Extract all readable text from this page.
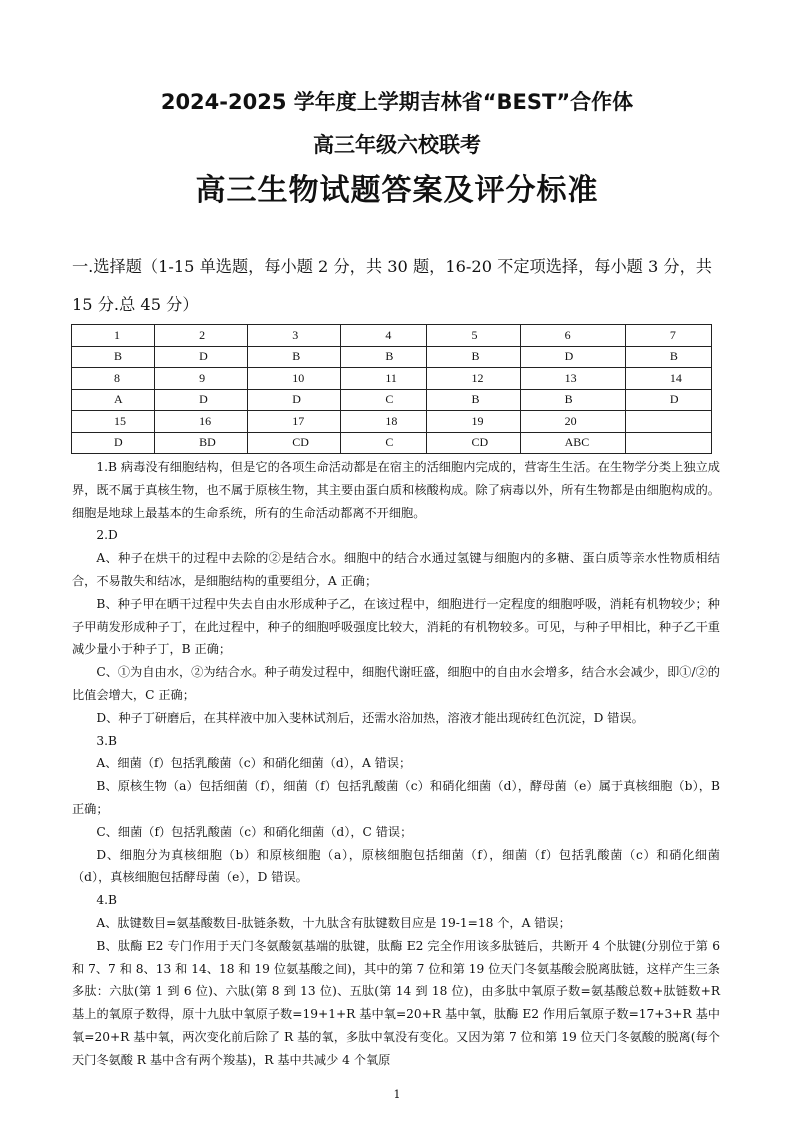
2024-2025 学年度上学期吉林省“BEST”合作体
高三年级六校联考
高三生物试题答案及评分标准
一.选择题（1-15 单选题，每小题 2 分，共 30 题，16-20 不定项选择，每小题 3 分，共 15 分.总 45 分）
1	2	3	4	5	6	7
B	D	B	B	B	D	B
8	9	10	11	12	13	14
A	D	D	C	B	B	D
15	16	17	18	19	20	
D	BD	CD	C	CD	ABC	

1.B 病毒没有细胞结构，但是它的各项生命活动都是在宿主的活细胞内完成的，营寄生生活。在生物学分类上独立成界，既不属于真核生物，也不属于原核生物，其主要由蛋白质和核酸构成。除了病毒以外，所有生物都是由细胞构成的。细胞是地球上最基本的生命系统，所有的生命活动都离不开细胞。

2.D

A、种子在烘干的过程中去除的②是结合水。细胞中的结合水通过氢键与细胞内的多糖、蛋白质等亲水性物质相结合，不易散失和结冰，是细胞结构的重要组分，A 正确；

B、种子甲在晒干过程中失去自由水形成种子乙，在该过程中，细胞进行一定程度的细胞呼吸，消耗有机物较少；种子甲萌发形成种子丁，在此过程中，种子的细胞呼吸强度比较大，消耗的有机物较多。可见，与种子甲相比，种子乙干重减少量小于种子丁，B 正确；

C、①为自由水，②为结合水。种子萌发过程中，细胞代谢旺盛，细胞中的自由水会增多，结合水会减少，即①/②的比值会增大，C 正确；

D、种子丁研磨后，在其样液中加入斐林试剂后，还需水浴加热，溶液才能出现砖红色沉淀，D 错误。

3.B

A、细菌（f）包括乳酸菌（c）和硝化细菌（d），A 错误；

B、原核生物（a）包括细菌（f），细菌（f）包括乳酸菌（c）和硝化细菌（d），酵母菌（e）属于真核细胞（b），B 正确；

C、细菌（f）包括乳酸菌（c）和硝化细菌（d），C 错误；

D、细胞分为真核细胞（b）和原核细胞（a），原核细胞包括细菌（f），细菌（f）包括乳酸菌（c）和硝化细菌（d），真核细胞包括酵母菌（e），D 错误。

4.B

A、肽键数目=氨基酸数目-肽链条数，十九肽含有肽键数目应是 19-1=18 个，A 错误；

B、肽酶 E2 专门作用于天门冬氨酸氨基端的肽键，肽酶 E2 完全作用该多肽链后，共断开 4 个肽键(分别位于第 6 和 7、7 和 8、13 和 14、18 和 19 位氨基酸之间)，其中的第 7 位和第 19 位天门冬氨基酸会脱离肽链，这样产生三条多肽：六肽(第 1 到 6 位)、六肽(第 8 到 13 位)、五肽(第 14 到 18 位)，由多肽中氧原子数=氨基酸总数+肽链数+R 基上的氧原子数得，原十九肽中氧原子数=19+1+R 基中氧=20+R 基中氧，肽酶 E2 作用后氧原子数=17+3+R 基中氧=20+R 基中氧，两次变化前后除了 R 基的氧，多肽中氧没有变化。又因为第 7 位和第 19 位天门冬氨酸的脱离(每个天门冬氨酸 R 基中含有两个羧基)，R 基中共减少 4 个氧原

1
